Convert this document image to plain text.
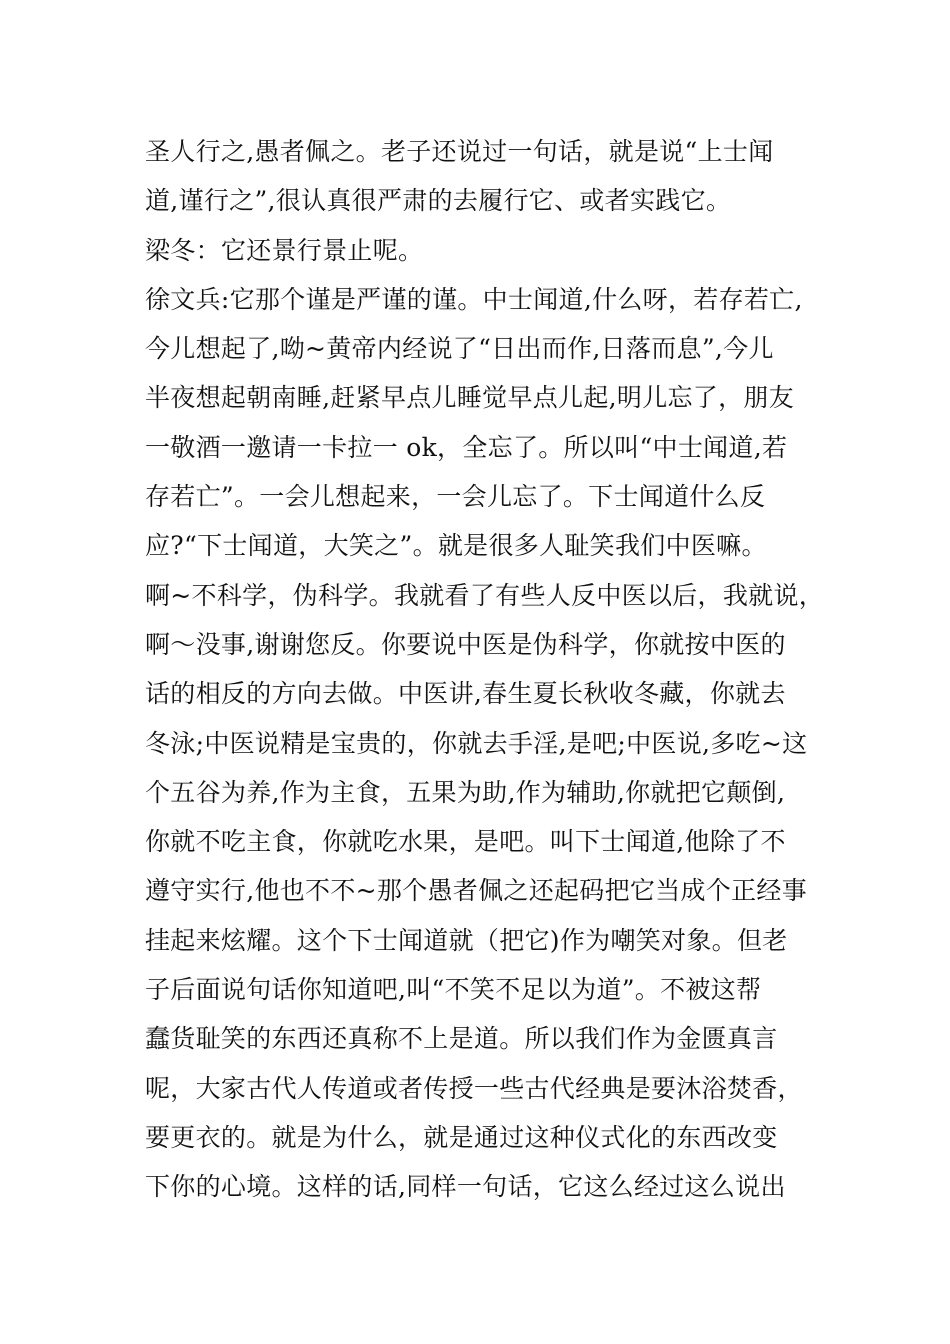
圣人行之,愚者佩之。老子还说过一句话，就是说“上士闻
道,谨行之”,很认真很严肃的去履行它、或者实践它。
梁冬：它还景行景止呢。
徐文兵:它那个谨是严谨的谨。中士闻道,什么呀，若存若亡,
今儿想起了,呦~黄帝内经说了“日出而作,日落而息”,今儿
半夜想起朝南睡,赶紧早点儿睡觉早点儿起,明儿忘了，朋友
一敬酒一邀请一卡拉一 ok，全忘了。所以叫“中士闻道,若
存若亡”。一会儿想起来，一会儿忘了。下士闻道什么反
应?“下士闻道，大笑之”。就是很多人耻笑我们中医嘛。
啊~不科学，伪科学。我就看了有些人反中医以后，我就说，
啊～没事,谢谢您反。你要说中医是伪科学，你就按中医的
话的相反的方向去做。中医讲,春生夏长秋收冬藏，你就去
冬泳;中医说精是宝贵的，你就去手淫,是吧;中医说,多吃~这
个五谷为养,作为主食，五果为助,作为辅助,你就把它颠倒,
你就不吃主食，你就吃水果，是吧。叫下士闻道,他除了不
遵守实行,他也不不~那个愚者佩之还起码把它当成个正经事
挂起来炫耀。这个下士闻道就（把它)作为嘲笑对象。但老
子后面说句话你知道吧,叫“不笑不足以为道”。不被这帮
蠢货耻笑的东西还真称不上是道。所以我们作为金匮真言
呢，大家古代人传道或者传授一些古代经典是要沐浴焚香，
要更衣的。就是为什么，就是通过这种仪式化的东西改变
下你的心境。这样的话,同样一句话，它这么经过这么说出
